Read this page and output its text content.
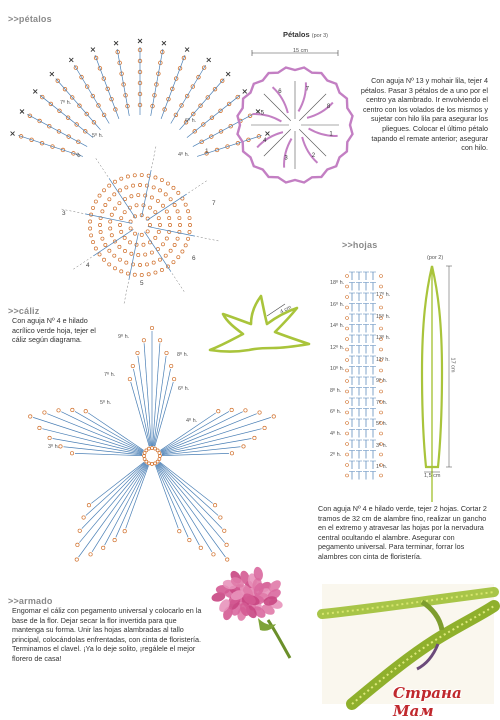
>>pétalos
7º h.
6º h.
5º h.
4º h.
8
1
7
6
5
4
3
Pétalos (por 3)
15 cm
1
2
3
4
5
6	7
8
Con aguja Nº 13 y mohair lila, tejer 4 pétalos. Pasar 3 pétalos de a uno por el centro ya alambrado. Ir envolviendo el centro con los volados de los mismos y sujetar con hilo lila para asegurar los pliegues. Colocar el último pétalo tapando el remate anterior; asegurar con hilo.
>>cáliz
Con aguja Nº 4 e hilado acrílico verde hoja, tejer el cáliz según diagrama.
4 cm
9º h.
8º h.
7º h.
6º h.
5º h.
4º h.
3º h.
>>hojas
18º h.
16º h.
14º h.
12º h.
10º h.
8º h.
6º h.
4º h.
2º h.
17º h.
15º h.
13º h.
11º h.
9º h.
7º h.
5º h.
3º h.
1º h.
(por 2)
17 cm
1,5 cm
Con aguja Nº 4 e hilado verde, tejer 2 hojas. Cortar 2 tramos de 32 cm de alambre fino, realizar un gancho en el extremo y atravesar las hojas por la nervadura central ocultando el alambre. Asegurar con pegamento universal. Para terminar, forrar los alambres con cinta de floristería.
>>armado
Engomar el cáliz con pegamento universal y colocarlo en la base de la flor. Dejar secar la flor invertida para que mantenga su forma. Unir las hojas alambradas al tallo principal, colocándolas enfrentadas, con cinta de floristería. Terminamos el clavel. ¡Ya lo deje solito, ¡regálele el mejor florero de casa!
Страна Мам
